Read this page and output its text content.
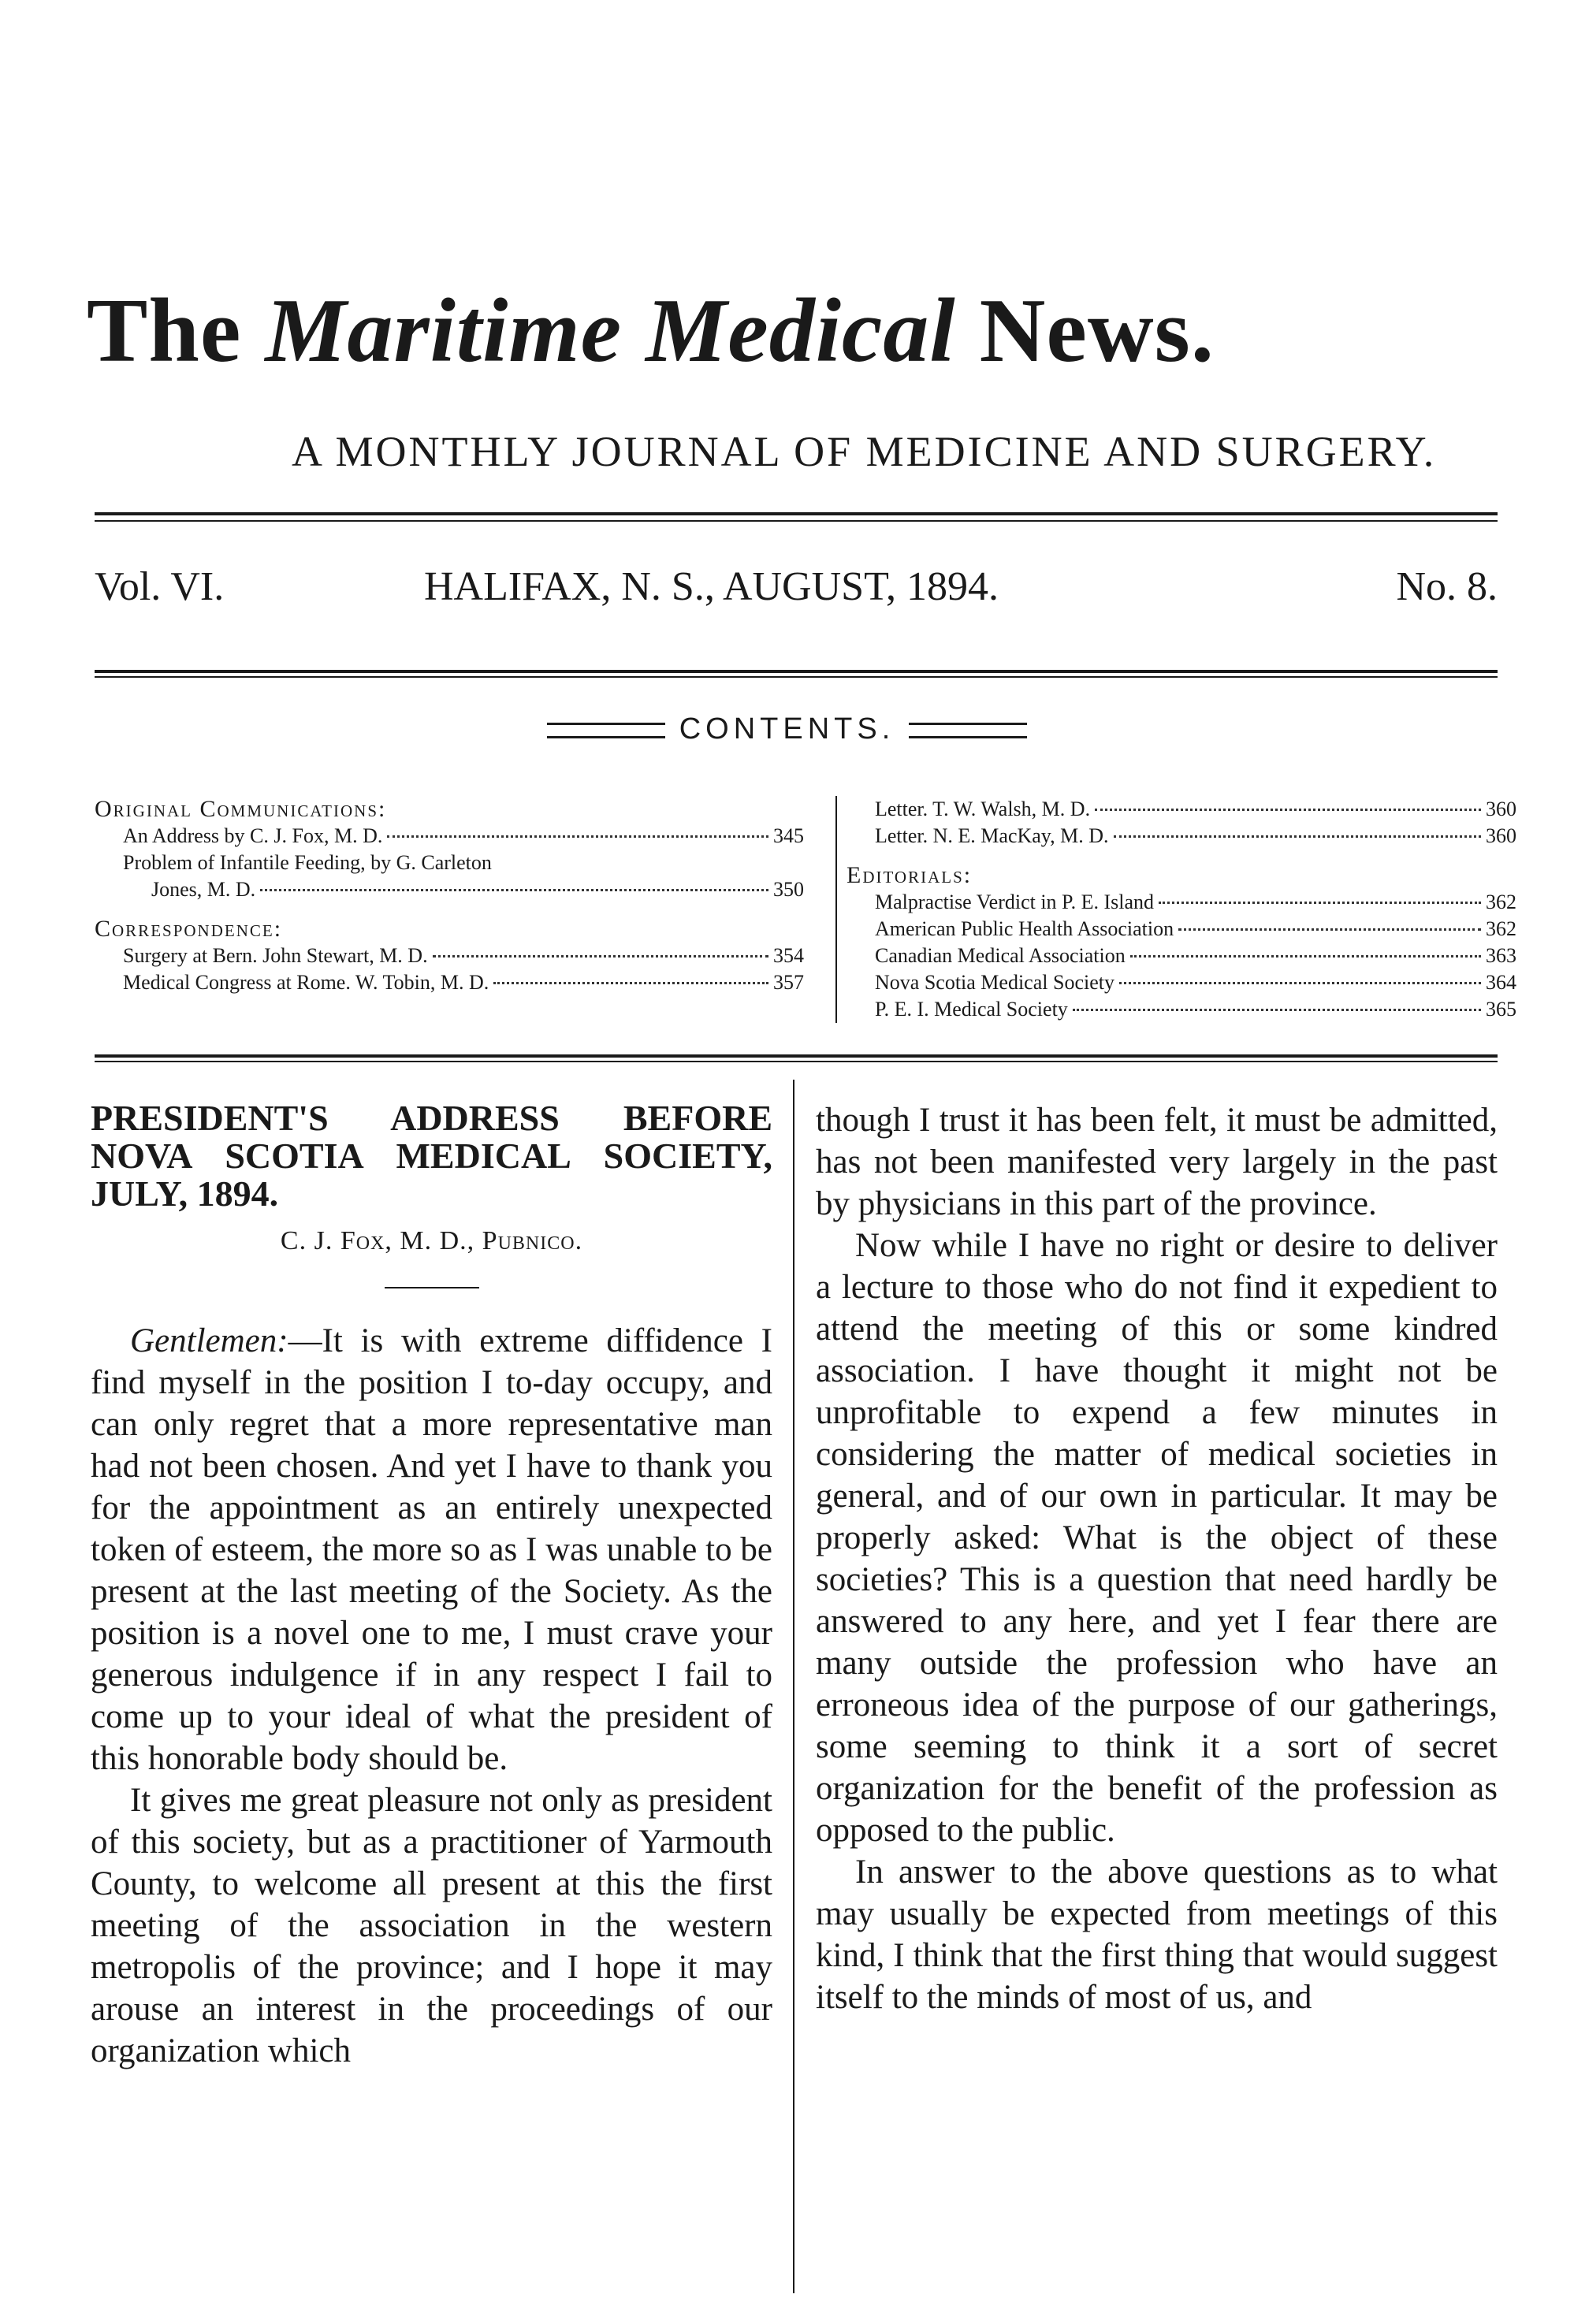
The Maritime Medical News.
A MONTHLY JOURNAL OF MEDICINE AND SURGERY.
Vol. VI.	HALIFAX, N. S., AUGUST, 1894.	No. 8.
CONTENTS.
Original Communications:
An Address by C. J. Fox, M. D.	345
Problem of Infantile Feeding, by G. Carleton
Jones, M. D.	350
Correspondence:
Surgery at Bern. John Stewart, M. D.	354
Medical Congress at Rome. W. Tobin, M. D.	357
Letter. T. W. Walsh, M. D.	360
Letter. N. E. MacKay, M. D.	360
Editorials:
Malpractise Verdict in P. E. Island	362
American Public Health Association	362
Canadian Medical Association	363
Nova Scotia Medical Society	364
P. E. I. Medical Society	365
PRESIDENT'S ADDRESS BEFORE NOVA SCOTIA MEDICAL SOCIETY, JULY, 1894.
C. J. Fox, M. D., Pubnico.

Gentlemen:—It is with extreme diffidence I find myself in the position I to-day occupy, and can only regret that a more representative man had not been chosen. And yet I have to thank you for the appointment as an entirely unexpected token of esteem, the more so as I was unable to be present at the last meeting of the Society. As the position is a novel one to me, I must crave your generous indulgence if in any respect I fail to come up to your ideal of what the president of this honorable body should be.

It gives me great pleasure not only as president of this society, but as a practitioner of Yarmouth County, to welcome all present at this the first meeting of the association in the western metropolis of the province; and I hope it may arouse an interest in the proceedings of our organization which

though I trust it has been felt, it must be admitted, has not been manifested very largely in the past by physicians in this part of the province.

Now while I have no right or desire to deliver a lecture to those who do not find it expedient to attend the meeting of this or some kindred association. I have thought it might not be unprofitable to expend a few minutes in considering the matter of medical societies in general, and of our own in particular. It may be properly asked: What is the object of these societies? This is a question that need hardly be answered to any here, and yet I fear there are many outside the profession who have an erroneous idea of the purpose of our gatherings, some seeming to think it a sort of secret organization for the benefit of the profession as opposed to the public.

In answer to the above questions as to what may usually be expected from meetings of this kind, I think that the first thing that would suggest itself to the minds of most of us, and
